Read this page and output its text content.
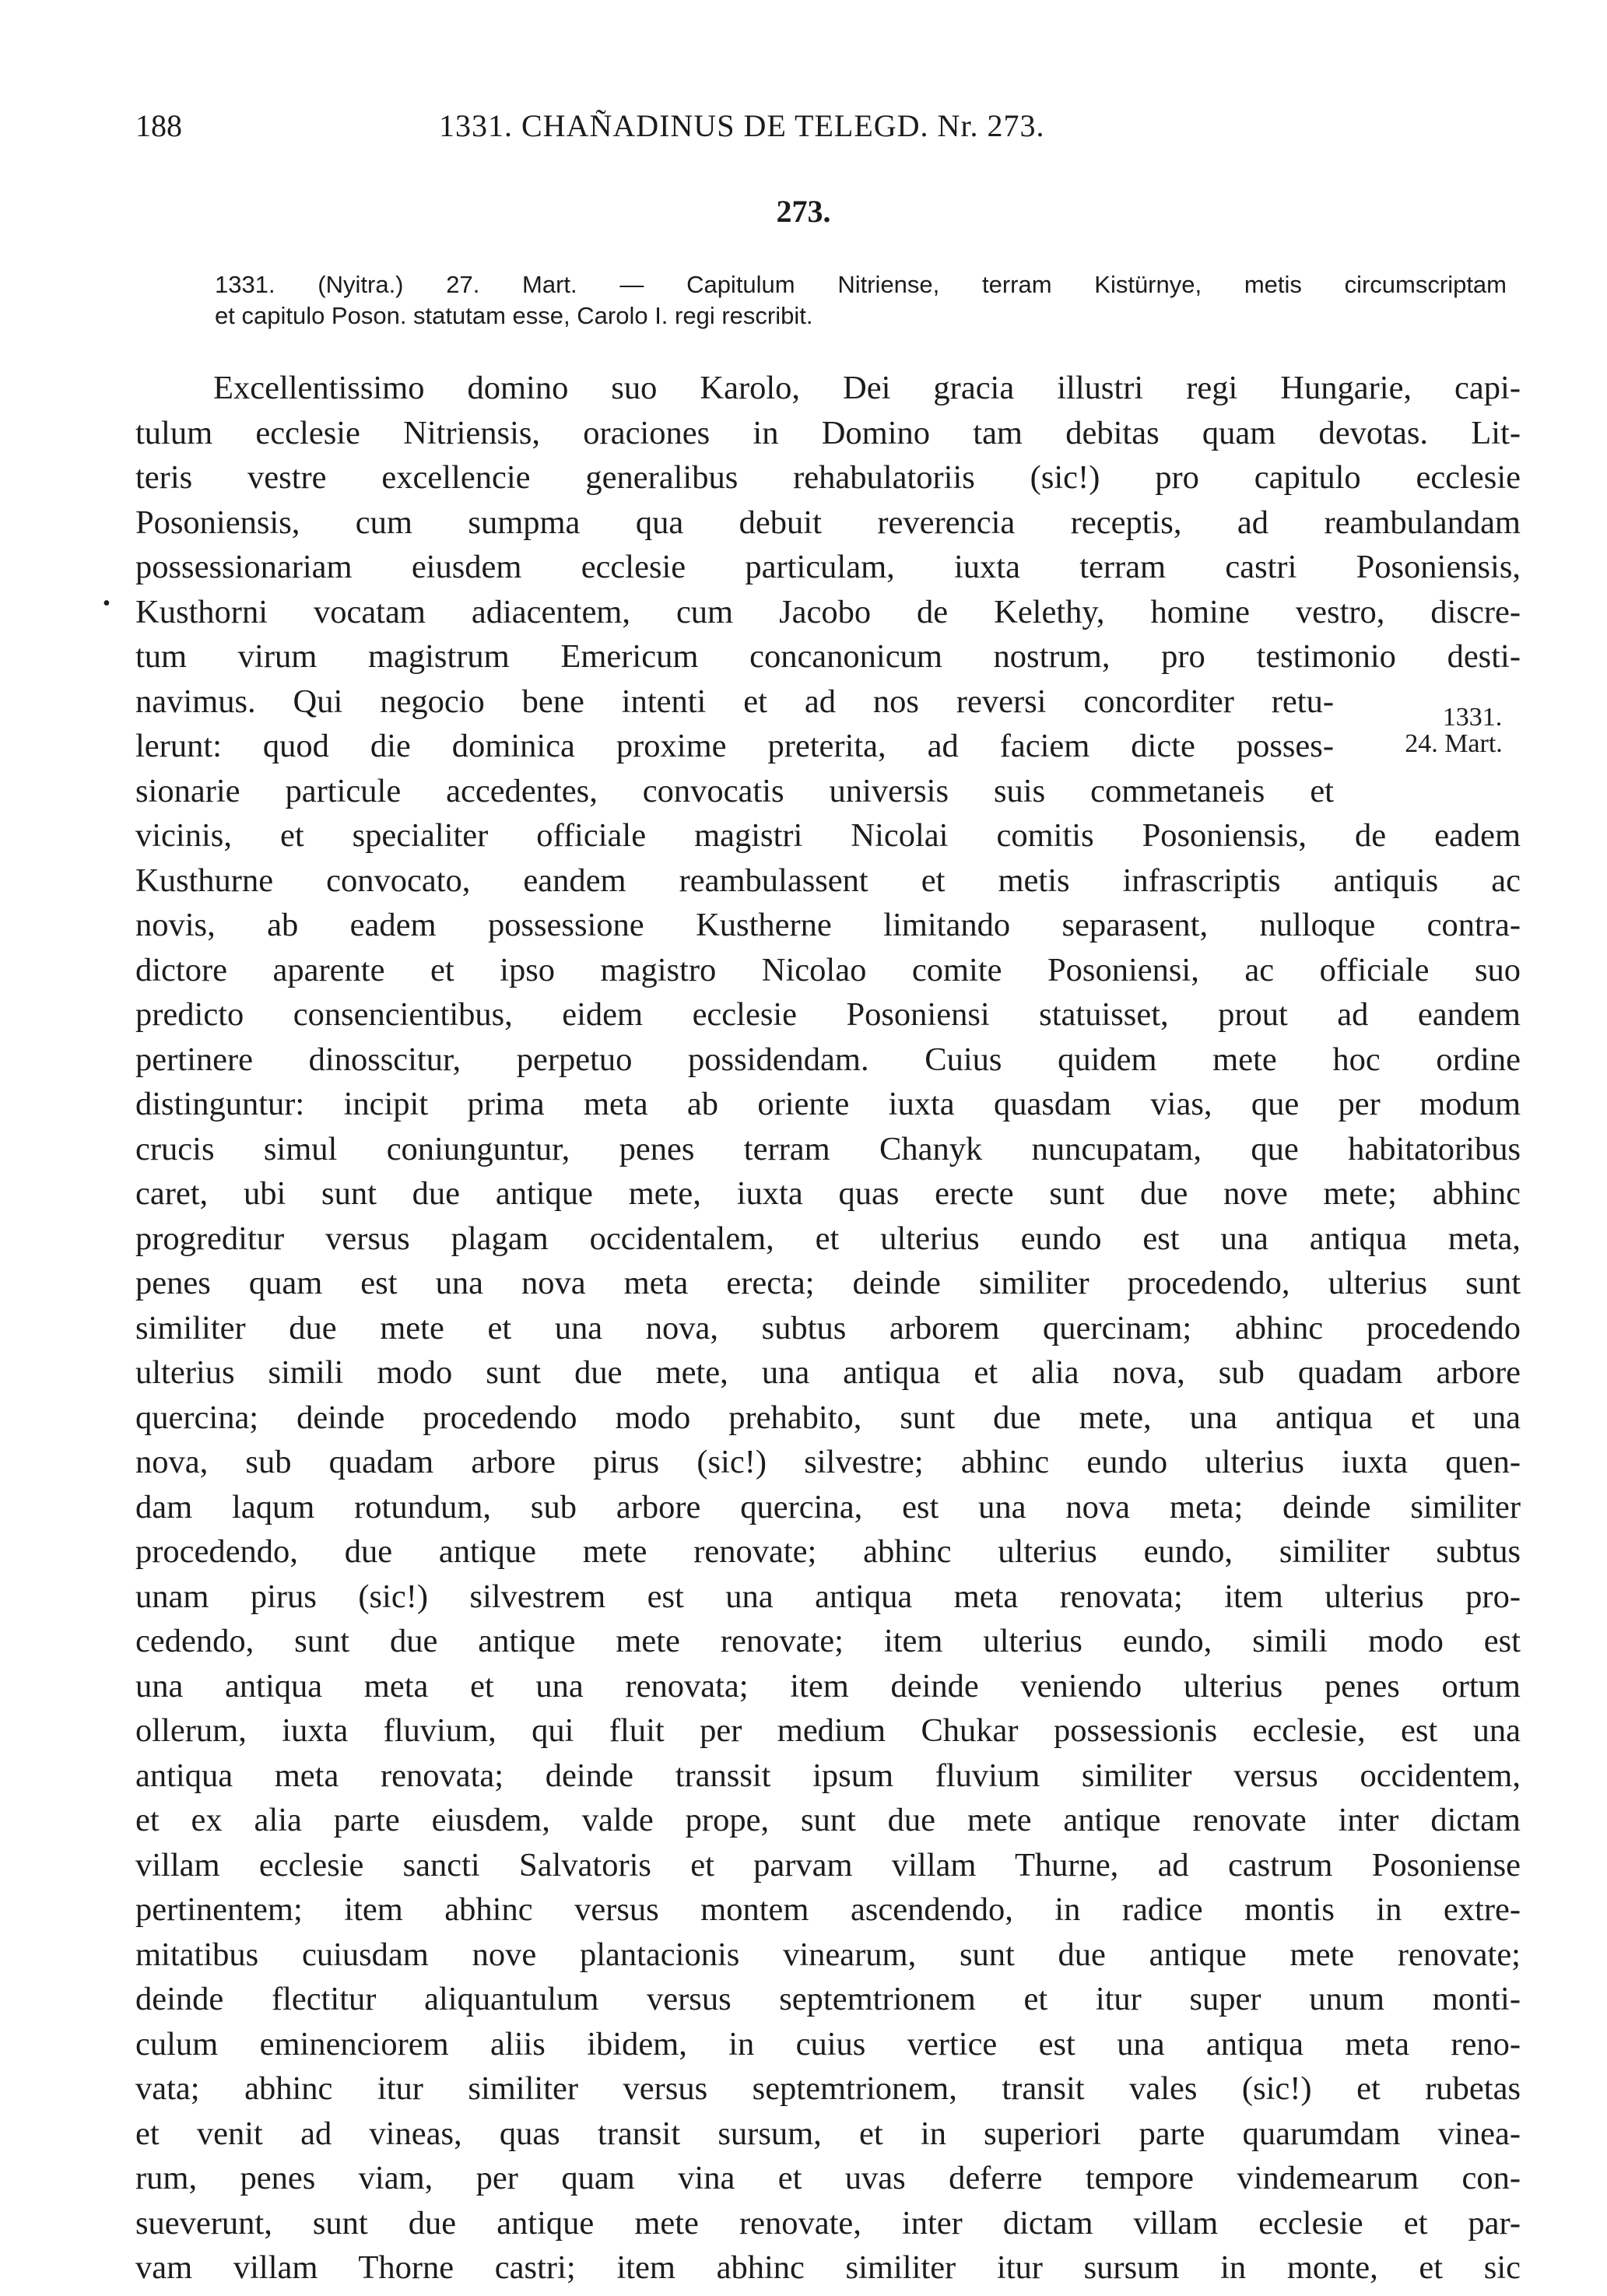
188	1331. CHAÑADINUS DE TELEGD. Nr. 273.
273.
1331. (Nyitra.) 27. Mart. — Capitulum Nitriense, terram Kistürnye, metis circumscriptam
et capitulo Poson. statutam esse, Carolo I. regi rescribit.
•
1331.
24. Mart.
Excellentissimo domino suo Karolo, Dei gracia illustri regi Hungarie, capi-
tulum ecclesie Nitriensis, oraciones in Domino tam debitas quam devotas. Lit-
teris vestre excellencie generalibus rehabulatoriis (sic!) pro capitulo ecclesie
Posoniensis, cum sumpma qua debuit reverencia receptis, ad reambulandam
possessionariam eiusdem ecclesie particulam, iuxta terram castri Posoniensis,
Kusthorni vocatam adiacentem, cum Jacobo de Kelethy, homine vestro, discre-
tum virum magistrum Emericum concanonicum nostrum, pro testimonio desti-
navimus. Qui negocio bene intenti et ad nos reversi concorditer retu-
lerunt: quod die dominica proxime preterita, ad faciem dicte posses-
sionarie particule accedentes, convocatis universis suis commetaneis et
vicinis, et specialiter officiale magistri Nicolai comitis Posoniensis, de eadem
Kusthurne convocato, eandem reambulassent et metis infrascriptis antiquis ac
novis, ab eadem possessione Kustherne limitando separasent, nulloque contra-
dictore aparente et ipso magistro Nicolao comite Posoniensi, ac officiale suo
predicto consencientibus, eidem ecclesie Posoniensi statuisset, prout ad eandem
pertinere dinosscitur, perpetuo possidendam. Cuius quidem mete hoc ordine
distinguntur: incipit prima meta ab oriente iuxta quasdam vias, que per modum
crucis simul coniunguntur, penes terram Chanyk nuncupatam, que habitatoribus
caret, ubi sunt due antique mete, iuxta quas erecte sunt due nove mete; abhinc
progreditur versus plagam occidentalem, et ulterius eundo est una antiqua meta,
penes quam est una nova meta erecta; deinde similiter procedendo, ulterius sunt
similiter due mete et una nova, subtus arborem quercinam; abhinc procedendo
ulterius simili modo sunt due mete, una antiqua et alia nova, sub quadam arbore
quercina; deinde procedendo modo prehabito, sunt due mete, una antiqua et una
nova, sub quadam arbore pirus (sic!) silvestre; abhinc eundo ulterius iuxta quen-
dam laqum rotundum, sub arbore quercina, est una nova meta; deinde similiter
procedendo, due antique mete renovate; abhinc ulterius eundo, similiter subtus
unam pirus (sic!) silvestrem est una antiqua meta renovata; item ulterius pro-
cedendo, sunt due antique mete renovate; item ulterius eundo, simili modo est
una antiqua meta et una renovata; item deinde veniendo ulterius penes ortum
ollerum, iuxta fluvium, qui fluit per medium Chukar possessionis ecclesie, est una
antiqua meta renovata; deinde transsit ipsum fluvium similiter versus occidentem,
et ex alia parte eiusdem, valde prope, sunt due mete antique renovate inter dictam
villam ecclesie sancti Salvatoris et parvam villam Thurne, ad castrum Posoniense
pertinentem; item abhinc versus montem ascendendo, in radice montis in extre-
mitatibus cuiusdam nove plantacionis vinearum, sunt due antique mete renovate;
deinde flectitur aliquantulum versus septemtrionem et itur super unum monti-
culum eminenciorem aliis ibidem, in cuius vertice est una antiqua meta reno-
vata; abhinc itur similiter versus septemtrionem, transit vales (sic!) et rubetas
et venit ad vineas, quas transit sursum, et in superiori parte quarumdam vinea-
rum, penes viam, per quam vina et uvas deferre tempore vindemearum con-
sueverunt, sunt due antique mete renovate, inter dictam villam ecclesie et par-
vam villam Thorne castri; item abhinc similiter itur sursum in monte, et sic
